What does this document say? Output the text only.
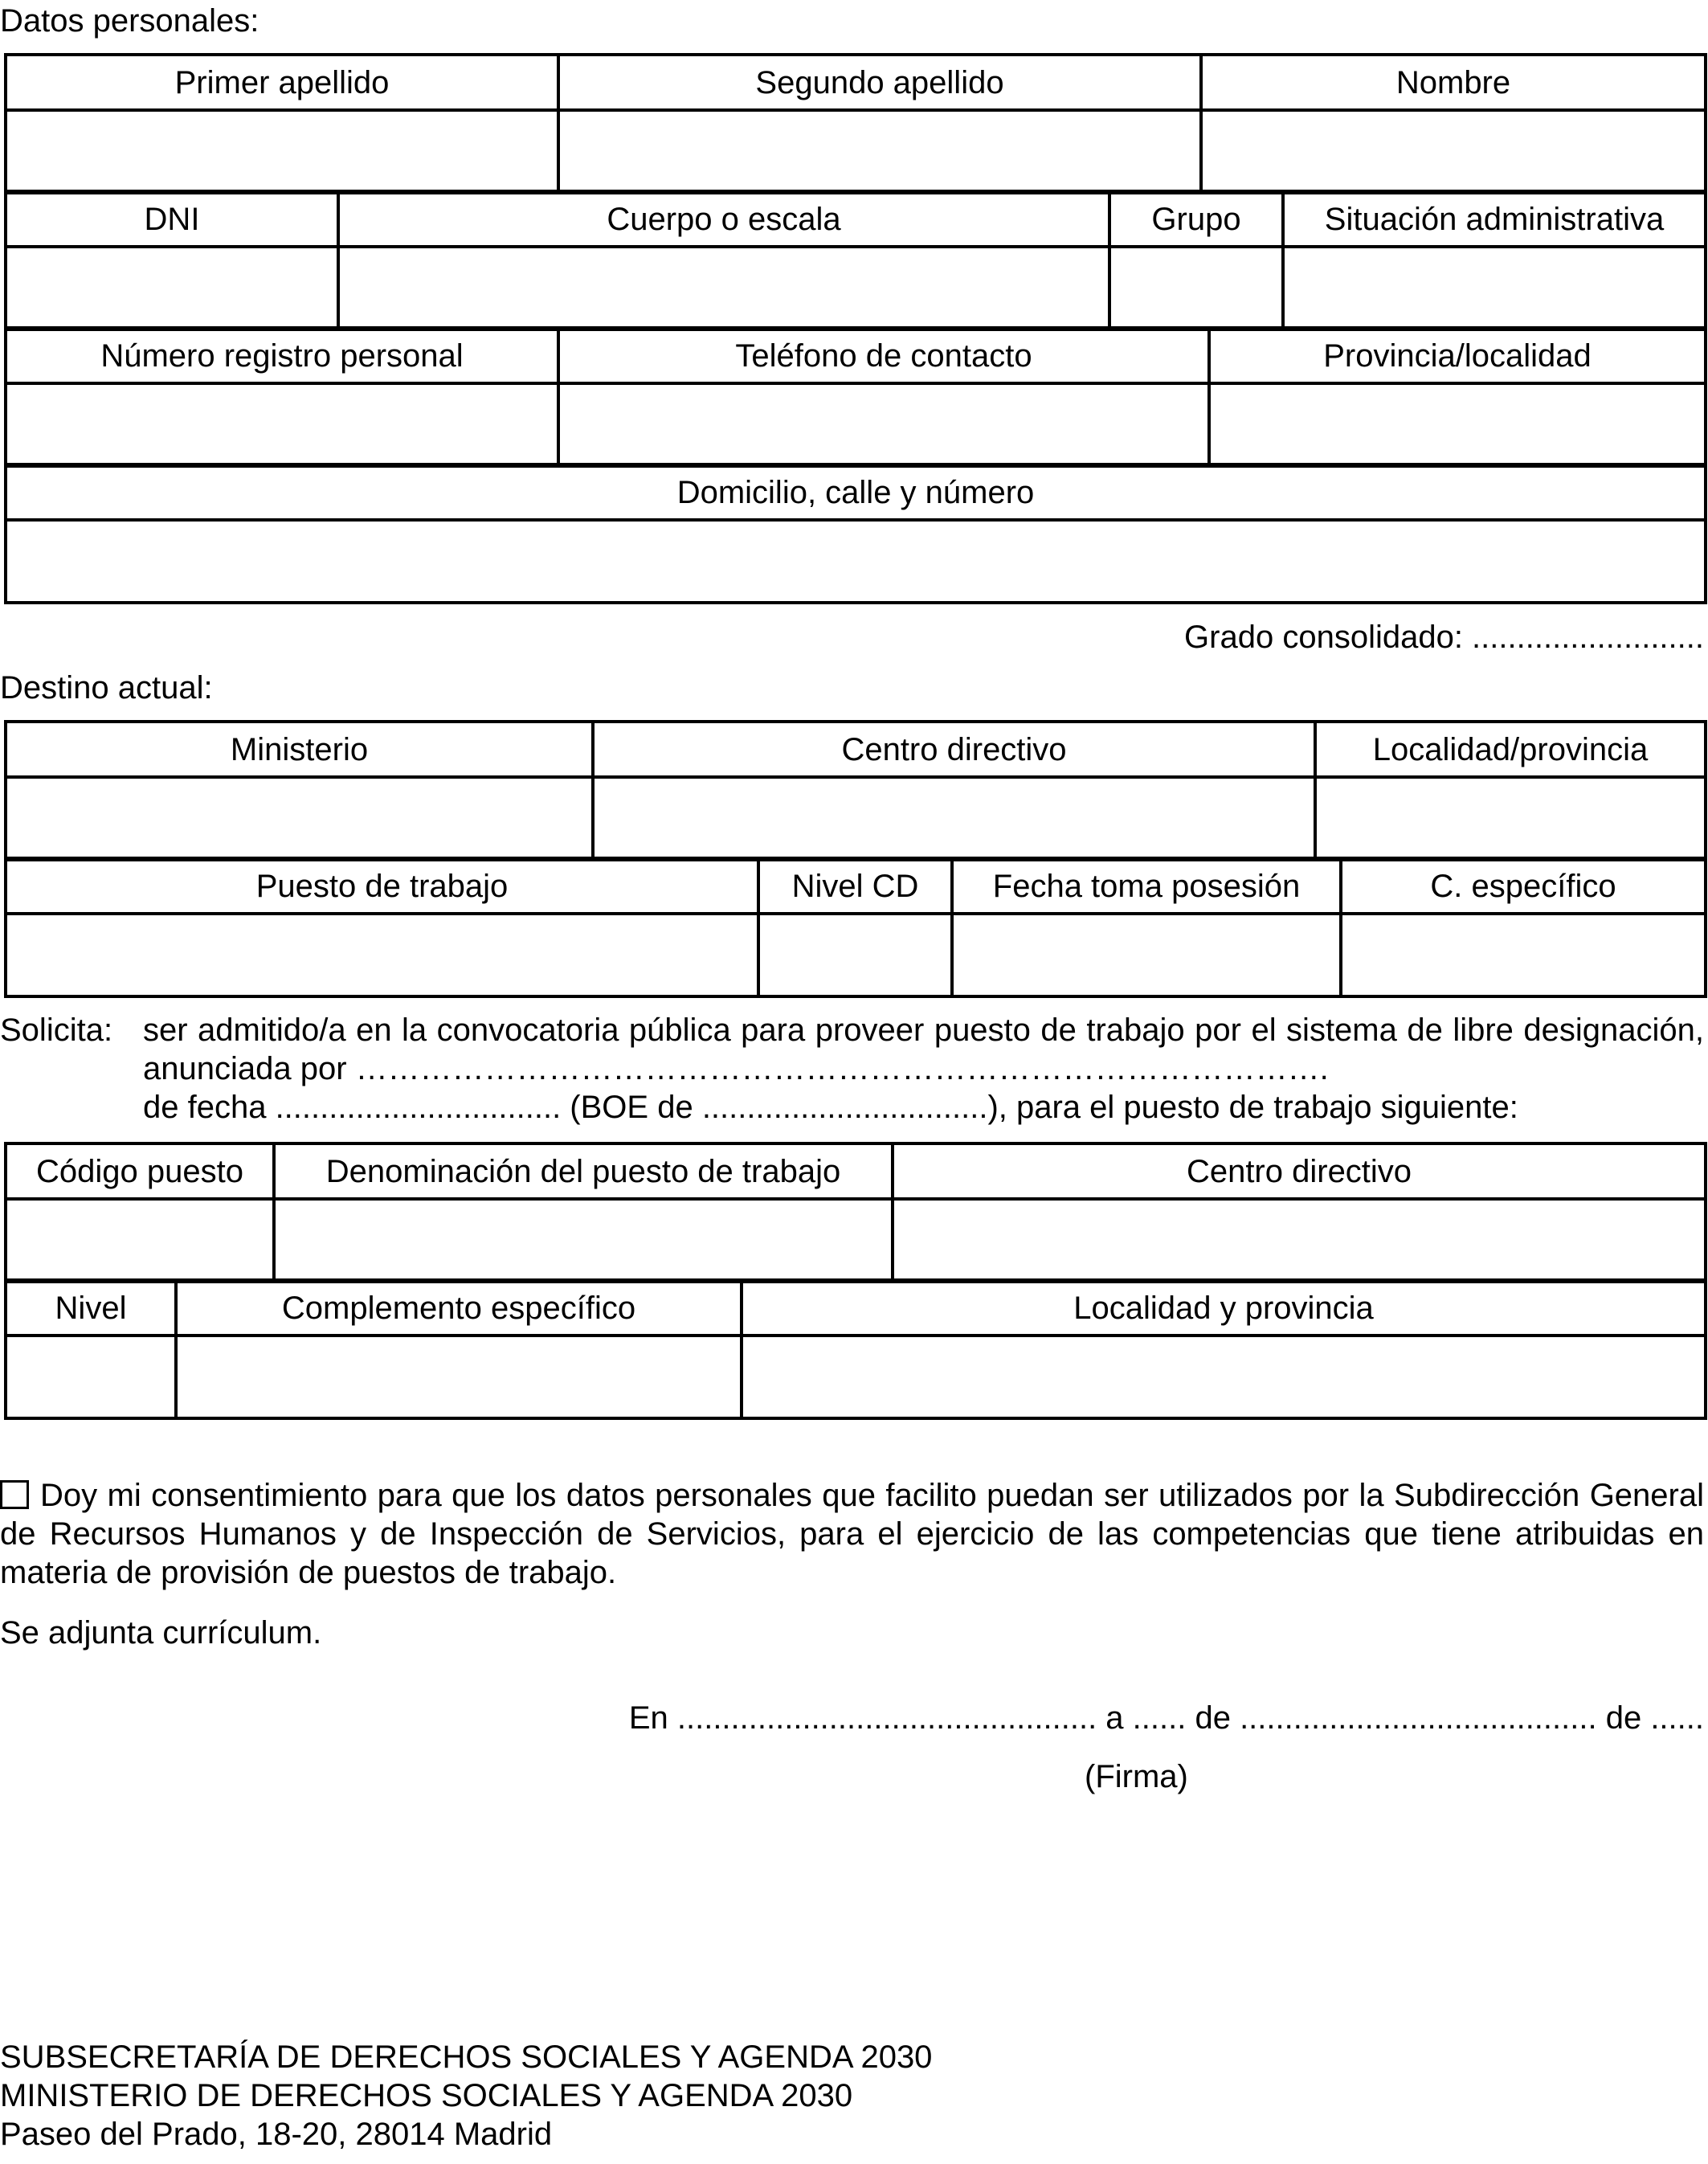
Datos personales:
Primer apellido	Segundo apellido	Nombre

DNI	Cuerpo o escala	Grupo	Situación administrativa

Número registro personal	Teléfono de contacto	Provincia/localidad

Domicilio, calle y número

Grado consolidado: ..........................
Destino actual:
Ministerio	Centro directivo	Localidad/provincia

Puesto de trabajo	Nivel CD	Fecha toma posesión	C. específico

Solicita: ser admitido/a en la convocatoria pública para proveer puesto de trabajo por el sistema de libre designación, anunciada por ……………………………………………………………………………….
de fecha ................................ (BOE de ................................), para el puesto de trabajo siguiente:
Código puesto	Denominación del puesto de trabajo	Centro directivo

Nivel	Complemento específico	Localidad y provincia

Doy mi consentimiento para que los datos personales que facilito puedan ser utilizados por la Subdirección General de Recursos Humanos y de Inspección de Servicios, para el ejercicio de las competencias que tiene atribuidas en materia de provisión de puestos de trabajo.
Se adjunta currículum.
En ............................................... a ...... de ........................................ de ......
(Firma)
SUBSECRETARÍA DE DERECHOS SOCIALES Y AGENDA 2030
MINISTERIO DE DERECHOS SOCIALES Y AGENDA 2030
Paseo del Prado, 18-20, 28014 Madrid
